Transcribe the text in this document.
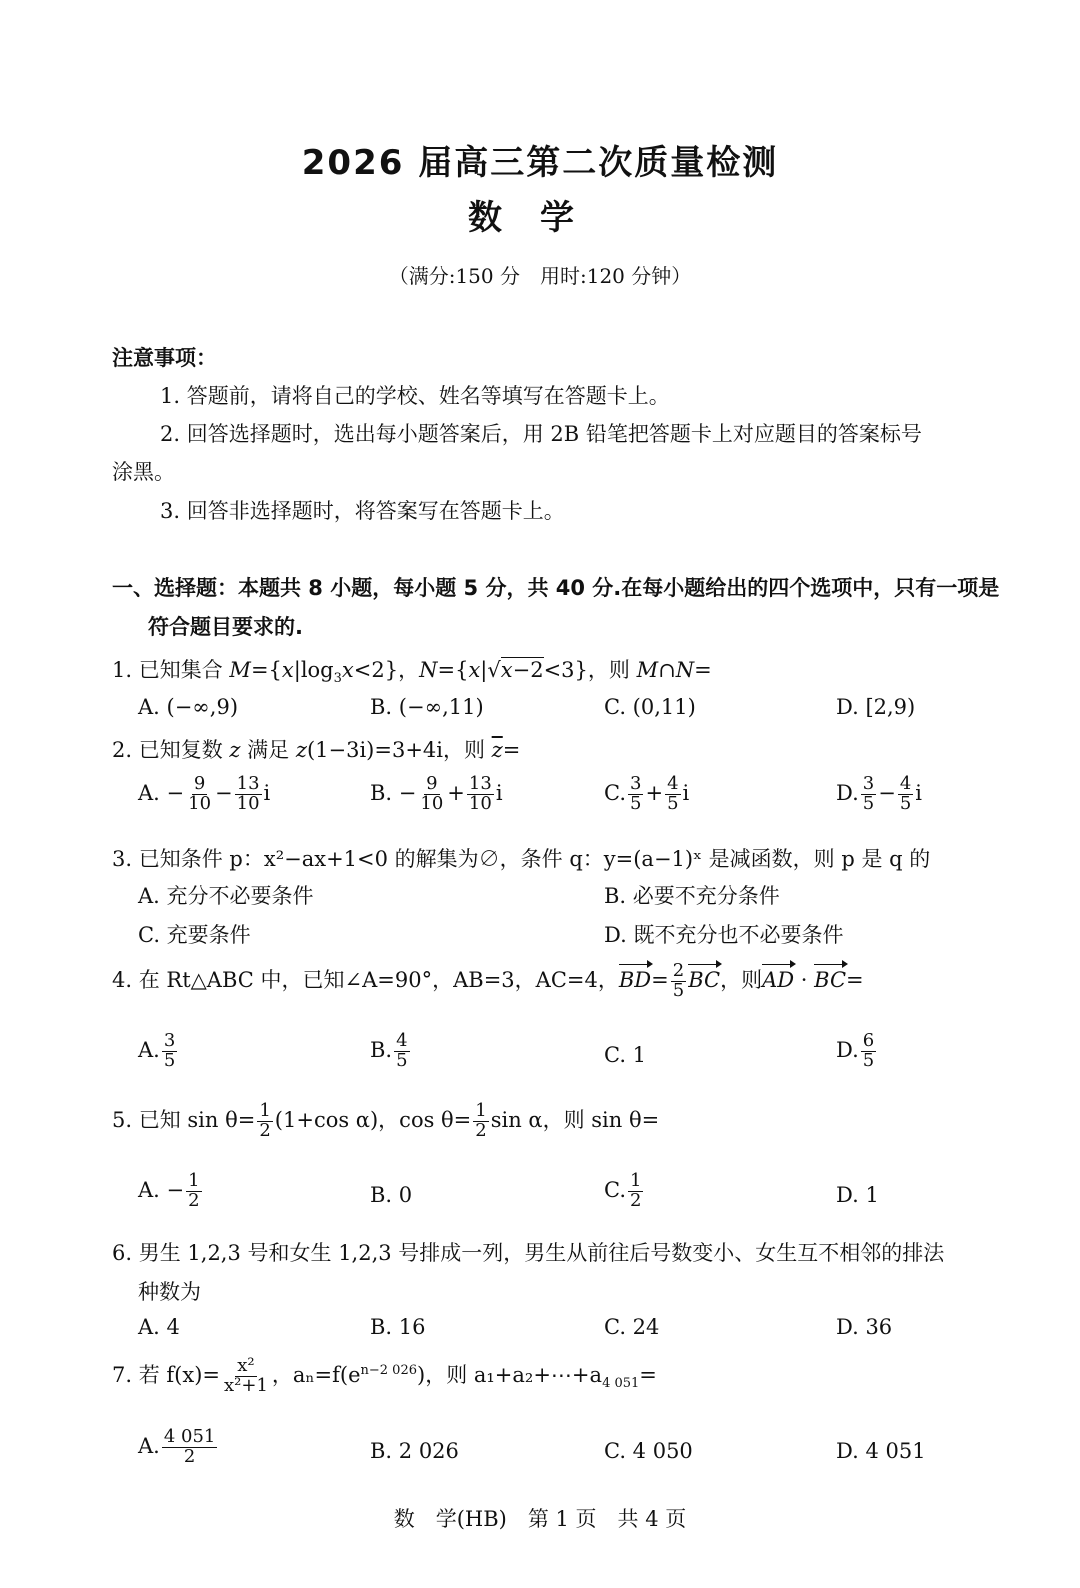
2026 届高三第二次质量检测
数学
（满分:150 分　用时:120 分钟）
注意事项：
1. 答题前，请将自己的学校、姓名等填写在答题卡上。
2. 回答选择题时，选出每小题答案后，用 2B 铅笔把答题卡上对应题目的答案标号
涂黑。
3. 回答非选择题时，将答案写在答题卡上。
一、选择题：本题共 8 小题，每小题 5 分，共 40 分.在每小题给出的四个选项中，只有一项是
符合题目要求的.
1. 已知集合 $M=\{x|\log_3x<2\}$，N={x|√x−2<3}，则 M∩N=
A. (−∞,9)	B. (−∞,11)	C. (0,11)	D. [2,9)
2. 已知复数 z 满足 z(1−3i)=3+4i，则 $\overline{z}=$
A. − $\frac{9}{10} - \frac{13}{10}$ i	B. − $\frac{9}{10} + \frac{13}{10}$ i	C. $\frac{3}{5} + \frac{4}{5}$ i	D. $\frac{3}{5} - \frac{4}{5}$ i
3. 已知条件 p：x²−ax+1<0 的解集为∅，条件 q：y=(a−1)ˣ 是减函数，则 p 是 q 的
A. 充分不必要条件	B. 必要不充分条件
C. 充要条件	D. 既不充分也不必要条件
4. 在 Rt△ABC 中，已知∠A=90°，AB=3，AC=4，$BD= \frac{2}{5}$ BC，则AD · BC=
A. $\frac{3}{5}$	B. $\frac{4}{5}$	C. 1	D. $\frac{6}{5}$
5. 已知 $\sin \theta= \frac{1}{2} (1+\cos$ α)，$\cos \theta= \frac{1}{2}$ sin α，则 sin θ=
A. − $\frac{1}{2}$	B. 0	C. $\frac{1}{2}$	D. 1
6. 男生 1,2,3 号和女生 1,2,3 号排成一列，男生从前往后号数变小、女生互不相邻的排法
种数为
A. 4	B. 16	C. 24	D. 36
7. 若 $f(x)= \frac{\text{x²}}{\text{x²+1}}$ ，$a_n=f(e^{n-2 026})$，则 $a_1+a_2+\cdots+a_{4 051}=$
A. $\frac{4 051}{2}$	B. 2 026	C. 4 050	D. 4 051
数　学(HB)　第 1 页　共 4 页
